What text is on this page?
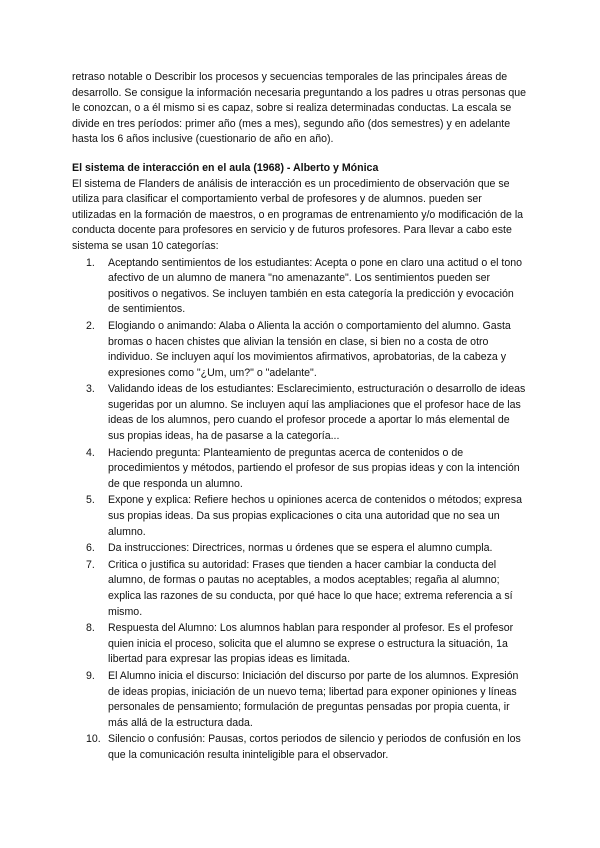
retraso notable o Describir los procesos y secuencias temporales de las principales áreas de desarrollo. Se consigue la información necesaria preguntando a los padres u otras personas que le conozcan, o a él mismo si es capaz, sobre si realiza determinadas conductas. La escala se divide en tres períodos: primer año (mes a mes), segundo año (dos semestres) y en adelante hasta los 6 años inclusive (cuestionario de año en año).

El sistema de interacción en el aula (1968) - Alberto y Mónica

El sistema de Flanders de análisis de interacción es un procedimiento de observación que se utiliza para clasificar el comportamiento verbal de profesores y de alumnos. pueden ser utilizadas en la formación de maestros, o en programas de entrenamiento y/o modificación de la conducta docente para profesores en servicio y de futuros profesores. Para llevar a cabo este sistema se usan 10 categorías:

1.	Aceptando sentimientos de los estudiantes: Acepta o pone en claro una actitud o el tono afectivo de un alumno de manera "no amenazante". Los sentimientos pueden ser positivos o negativos. Se incluyen también en esta categoría la predicción y evocación de sentimientos.
2.	Elogiando o animando: Alaba o Alienta la acción o comportamiento del alumno. Gasta bromas o hacen chistes que alivian la tensión en clase, si bien no a costa de otro individuo. Se incluyen aquí los movimientos afirmativos, aprobatorias, de la cabeza y expresiones como "¿Um, um?" o "adelante".
3.	Validando ideas de los estudiantes: Esclarecimiento, estructuración o desarrollo de ideas sugeridas por un alumno. Se incluyen aquí las ampliaciones que el profesor hace de las ideas de los alumnos, pero cuando el profesor procede a aportar lo más elemental de sus propias ideas, ha de pasarse a la categoría...
4.	Haciendo pregunta: Planteamiento de preguntas acerca de contenidos o de procedimientos y métodos, partiendo el profesor de sus propias ideas y con la intención de que responda un alumno.
5.	Expone y explica: Refiere hechos u opiniones acerca de contenidos o métodos; expresa sus propias ideas. Da sus propias explicaciones o cita una autoridad que no sea un alumno.
6.	Da instrucciones: Directrices, normas u órdenes que se espera el alumno cumpla.
7.	Critica o justifica su autoridad: Frases que tienden a hacer cambiar la conducta del alumno, de formas o pautas no aceptables, a modos aceptables; regaña al alumno; explica las razones de su conducta, por qué hace lo que hace; extrema referencia a sí mismo.
8.	Respuesta del Alumno: Los alumnos hablan para responder al profesor. Es el profesor quien inicia el proceso, solicita que el alumno se exprese o estructura la situación, 1a libertad para expresar las propias ideas es limitada.
9.	El Alumno inicia el discurso: Iniciación del discurso por parte de los alumnos. Expresión de ideas propias, iniciación de un nuevo tema; libertad para exponer opiniones y líneas personales de pensamiento; formulación de preguntas pensadas por propia cuenta, ir más allá de la estructura dada.
10. Silencio o confusión: Pausas, cortos periodos de silencio y periodos de confusión en los que la comunicación resulta ininteligible para el observador.
